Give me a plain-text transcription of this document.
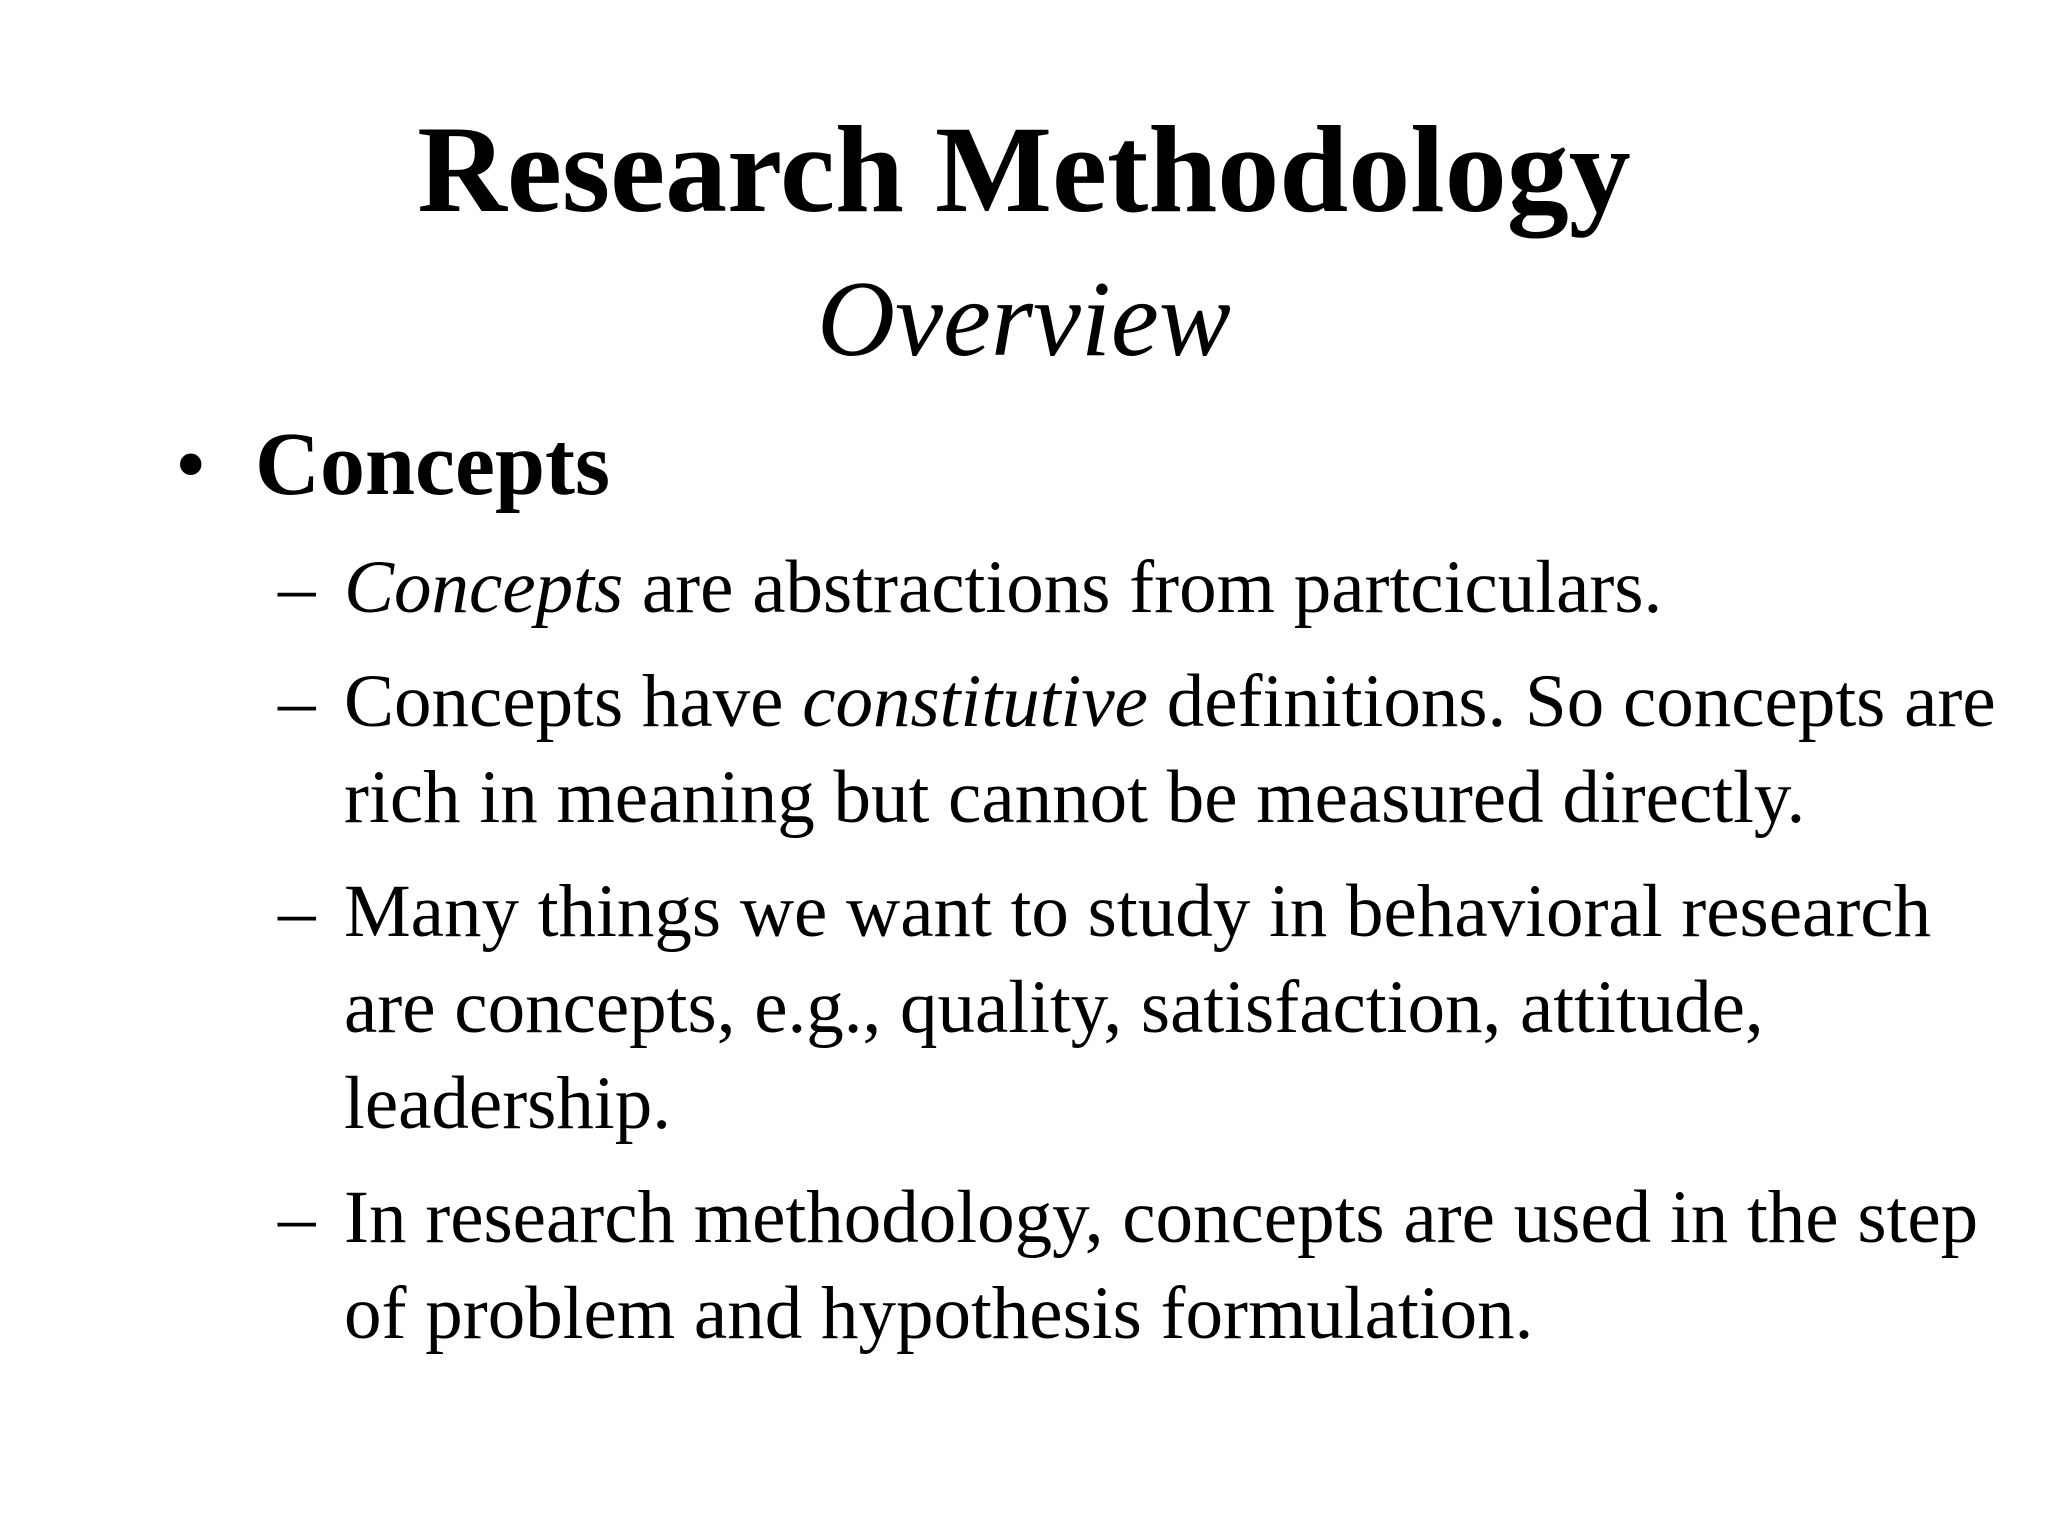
Research Methodology

Overview

• Concepts
– Concepts are abstractions from partciculars.
– Concepts have constitutive definitions. So concepts are rich in meaning but cannot be measured directly.
– Many things we want to study in behavioral research are concepts, e.g., quality, satisfaction, attitude, leadership.
– In research methodology, concepts are used in the step of problem and hypothesis formulation.
